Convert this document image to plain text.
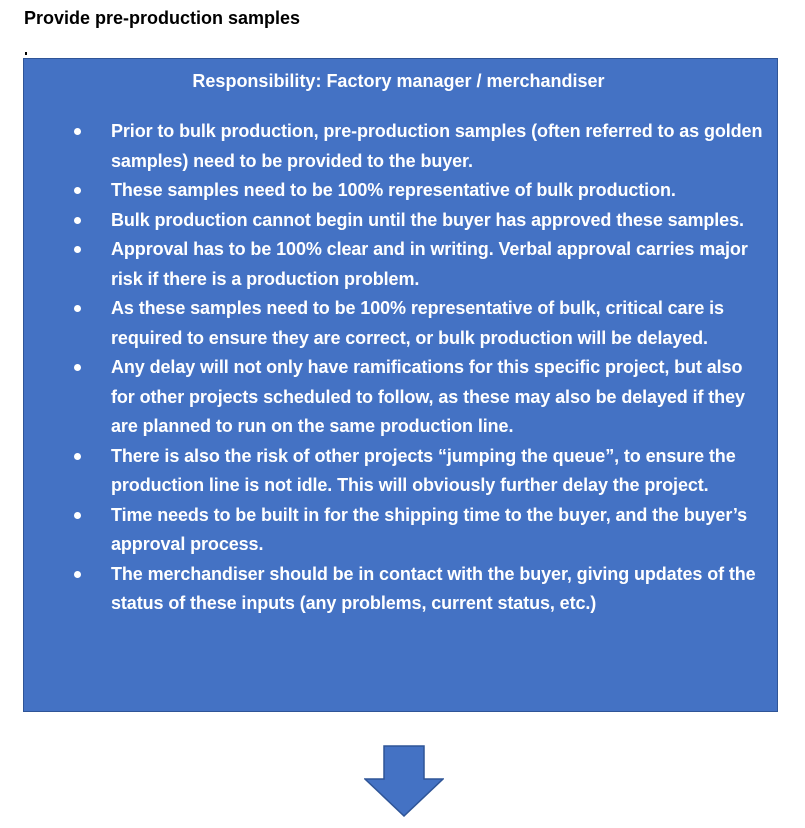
Provide pre-production samples
Responsibility: Factory manager / merchandiser
Prior to bulk production, pre-production samples (often referred to as golden samples) need to be provided to the buyer.
These samples need to be 100% representative of bulk production.
Bulk production cannot begin until the buyer has approved these samples.
Approval has to be 100% clear and in writing. Verbal approval carries major risk if there is a production problem.
As these samples need to be 100% representative of bulk, critical care is required to ensure they are correct, or bulk production will be delayed.
Any delay will not only have ramifications for this specific project, but also for other projects scheduled to follow, as these may also be delayed if they are planned to run on the same production line.
There is also the risk of other projects “jumping the queue”, to ensure the production line is not idle. This will obviously further delay the project.
Time needs to be built in for the shipping time to the buyer, and the buyer’s approval process.
The merchandiser should be in contact with the buyer, giving updates of the status of these inputs (any problems, current status, etc.)
